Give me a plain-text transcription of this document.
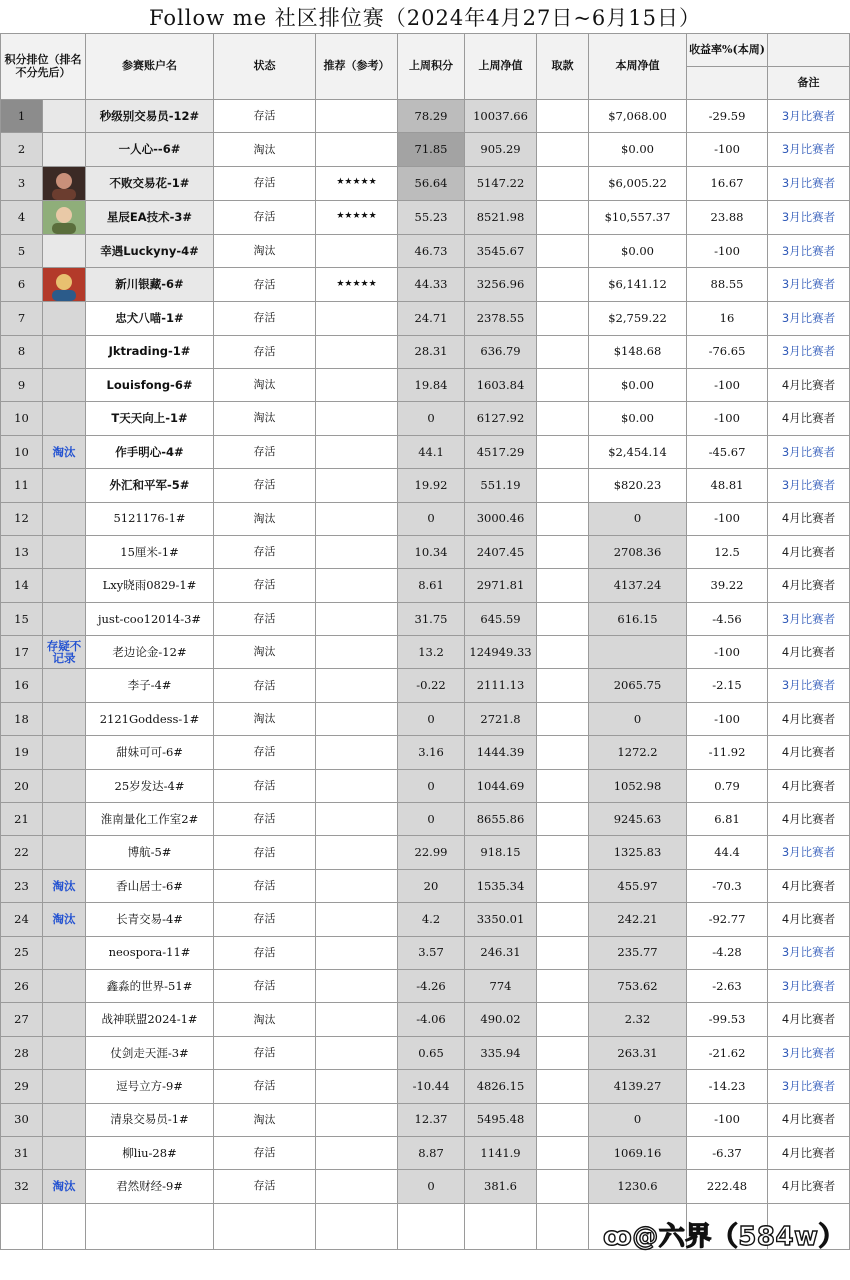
Follow me 社区排位赛（2024年4月27日~6月15日）
积分排位（排名不分先后）		参赛账户名	状态	推荐（参考）	上周积分	上周净值	取款	本周净值	收益率%(本周)	
										备注
1		秒级别交易员-12#	存活		78.29	10037.66		$7,068.00	-29.59	3月比赛者
2		一人心--6#	淘汰		71.85	905.29		$0.00	-100	3月比赛者
3		不败交易花-1#	存活	★★★★★	56.64	5147.22		$6,005.22	16.67	3月比赛者
4		星辰EA技术-3#	存活	★★★★★	55.23	8521.98		$10,557.37	23.88	3月比赛者
5		幸遇Luckyny-4#	淘汰		46.73	3545.67		$0.00	-100	3月比赛者
6		新川银藏-6#	存活	★★★★★	44.33	3256.96		$6,141.12	88.55	3月比赛者
7		忠犬八喵-1#	存活		24.71	2378.55		$2,759.22	16	3月比赛者
8		Jktrading-1#	存活		28.31	636.79		$148.68	-76.65	3月比赛者
9		Louisfong-6#	淘汰		19.84	1603.84		$0.00	-100	4月比赛者
10		T天天向上-1#	淘汰		0	6127.92		$0.00	-100	4月比赛者
10	淘汰	作手明心-4#	存活		44.1	4517.29		$2,454.14	-45.67	3月比赛者
11		外汇和平军-5#	存活		19.92	551.19		$820.23	48.81	3月比赛者
12		5121176-1#	淘汰		0	3000.46		0	-100	4月比赛者
13		15厘米-1#	存活		10.34	2407.45		2708.36	12.5	4月比赛者
14		Lxy晓雨0829-1#	存活		8.61	2971.81		4137.24	39.22	4月比赛者
15		just-coo12014-3#	存活		31.75	645.59		616.15	-4.56	3月比赛者
17	存疑不记录	老边论金-12#	淘汰		13.2	124949.33			-100	4月比赛者
16		李子-4#	存活		-0.22	2111.13		2065.75	-2.15	3月比赛者
18		2121Goddess-1#	淘汰		0	2721.8		0	-100	4月比赛者
19		甜妹可可-6#	存活		3.16	1444.39		1272.2	-11.92	4月比赛者
20		25岁发达-4#	存活		0	1044.69		1052.98	0.79	4月比赛者
21		淮南量化工作室2#	存活		0	8655.86		9245.63	6.81	4月比赛者
22		博航-5#	存活		22.99	918.15		1325.83	44.4	3月比赛者
23	淘汰	香山居士-6#	存活		20	1535.34		455.97	-70.3	4月比赛者
24	淘汰	长青交易-4#	存活		4.2	3350.01		242.21	-92.77	4月比赛者
25		neospora-11#	存活		3.57	246.31		235.77	-4.28	3月比赛者
26		鑫淼的世界-51#	存活		-4.26	774		753.62	-2.63	3月比赛者
27		战神联盟2024-1#	淘汰		-4.06	490.02		2.32	-99.53	4月比赛者
28		仗剑走天涯-3#	存活		0.65	335.94		263.31	-21.62	3月比赛者
29		逗号立方-9#	存活		-10.44	4826.15		4139.27	-14.23	3月比赛者
30		清泉交易员-1#	淘汰		12.37	5495.48		0	-100	4月比赛者
31		柳liu-28#	存活		8.87	1141.9		1069.16	-6.37	4月比赛者
32	淘汰	君然财经-9#	存活		0	381.6		1230.6	222.48	4月比赛者

ꝏ@六界（584w）
